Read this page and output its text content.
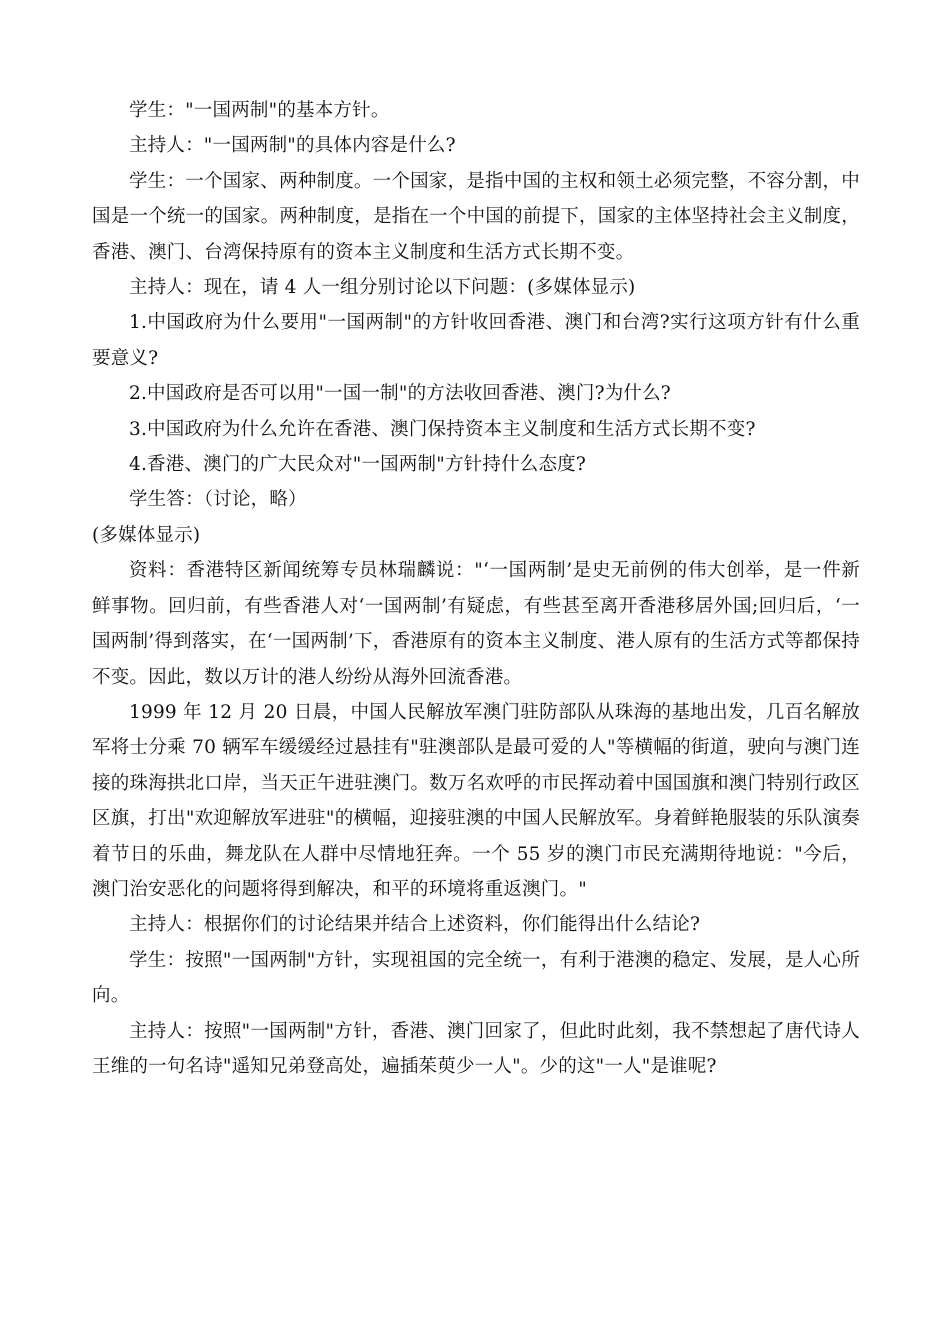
学生："一国两制"的基本方针。

主持人："一国两制"的具体内容是什么?

学生：一个国家、两种制度。一个国家，是指中国的主权和领土必须完整，不容分割，中国是一个统一的国家。两种制度，是指在一个中国的前提下，国家的主体坚持社会主义制度，香港、澳门、台湾保持原有的资本主义制度和生活方式长期不变。

主持人：现在，请 4 人一组分别讨论以下问题：(多媒体显示)

1.中国政府为什么要用"一国两制"的方针收回香港、澳门和台湾?实行这项方针有什么重要意义?

2.中国政府是否可以用"一国一制"的方法收回香港、澳门?为什么?

3.中国政府为什么允许在香港、澳门保持资本主义制度和生活方式长期不变?

4.香港、澳门的广大民众对"一国两制"方针持什么态度?

学生答：（讨论，略）

(多媒体显示)

资料：香港特区新闻统筹专员林瑞麟说："‘一国两制’是史无前例的伟大创举，是一件新鲜事物。回归前，有些香港人对‘一国两制’有疑虑，有些甚至离开香港移居外国;回归后，‘一国两制’得到落实，在‘一国两制’下，香港原有的资本主义制度、港人原有的生活方式等都保持不变。因此，数以万计的港人纷纷从海外回流香港。

1999 年 12 月 20 日晨，中国人民解放军澳门驻防部队从珠海的基地出发，几百名解放军将士分乘 70 辆军车缓缓经过悬挂有"驻澳部队是最可爱的人"等横幅的街道，驶向与澳门连接的珠海拱北口岸，当天正午进驻澳门。数万名欢呼的市民挥动着中国国旗和澳门特别行政区区旗，打出"欢迎解放军进驻"的横幅，迎接驻澳的中国人民解放军。身着鲜艳服装的乐队演奏着节日的乐曲，舞龙队在人群中尽情地狂奔。一个 55 岁的澳门市民充满期待地说："今后，澳门治安恶化的问题将得到解决，和平的环境将重返澳门。"

主持人：根据你们的讨论结果并结合上述资料，你们能得出什么结论?

学生：按照"一国两制"方针，实现祖国的完全统一，有利于港澳的稳定、发展，是人心所向。

主持人：按照"一国两制"方针，香港、澳门回家了，但此时此刻，我不禁想起了唐代诗人王维的一句名诗"遥知兄弟登高处，遍插茱萸少一人"。少的这"一人"是谁呢?
